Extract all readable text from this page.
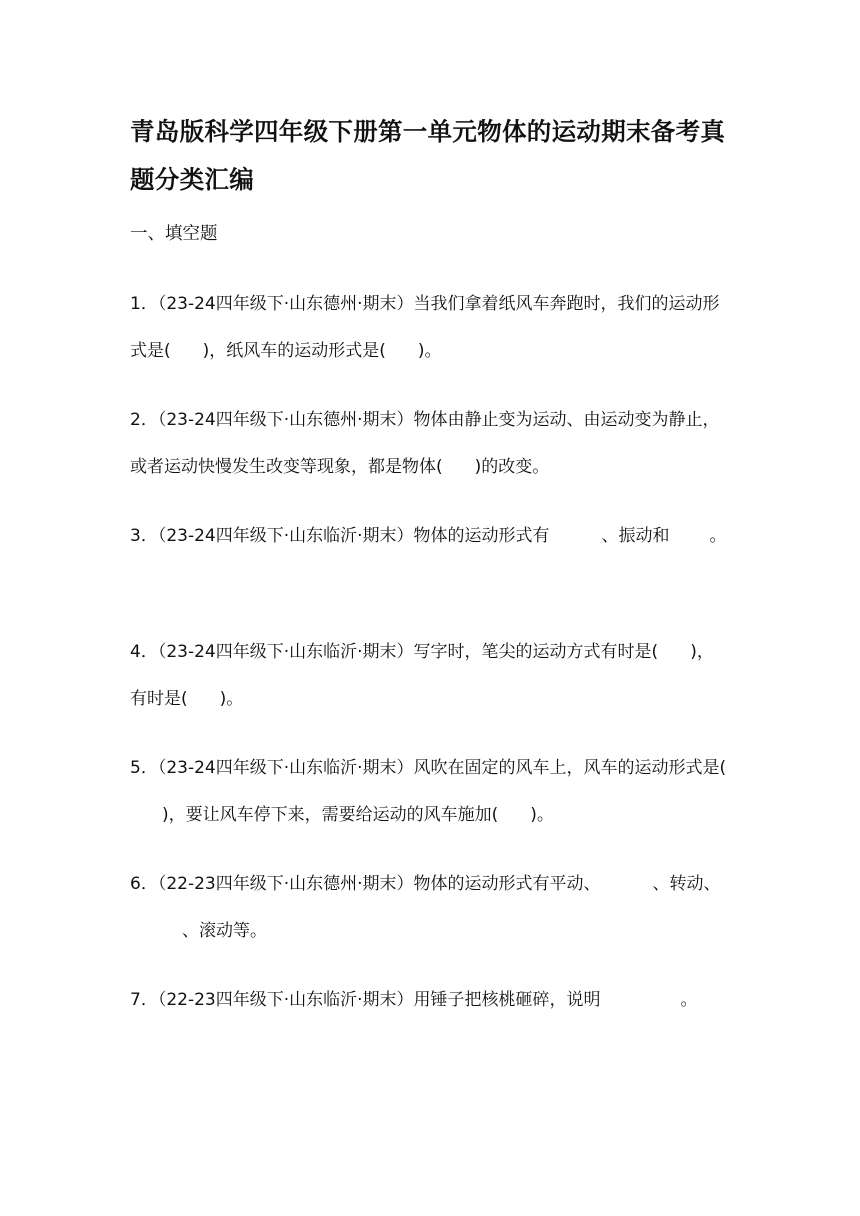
青岛版科学四年级下册第一单元物体的运动期末备考真题分类汇编

一、填空题

1．（23-24四年级下·山东德州·期末）当我们拿着纸风车奔跑时，我们的运动形式是( )，纸风车的运动形式是( )。

2．（23-24四年级下·山东德州·期末）物体由静止变为运动、由运动变为静止，或者运动快慢发生改变等现象，都是物体( )的改变。

3．（23-24四年级下·山东临沂·期末）物体的运动形式有	、振动和 。

4．（23-24四年级下·山东临沂·期末）写字时，笔尖的运动方式有时是( )，有时是( )。

5．（23-24四年级下·山东临沂·期末）风吹在固定的风车上，风车的运动形式是()，要让风车停下来，需要给运动的风车施加( )。

6．（22-23四年级下·山东德州·期末）物体的运动形式有平动、	、转动、、滚动等。

7．（22-23四年级下·山东临沂·期末）用锤子把核桃砸碎，说明	。
